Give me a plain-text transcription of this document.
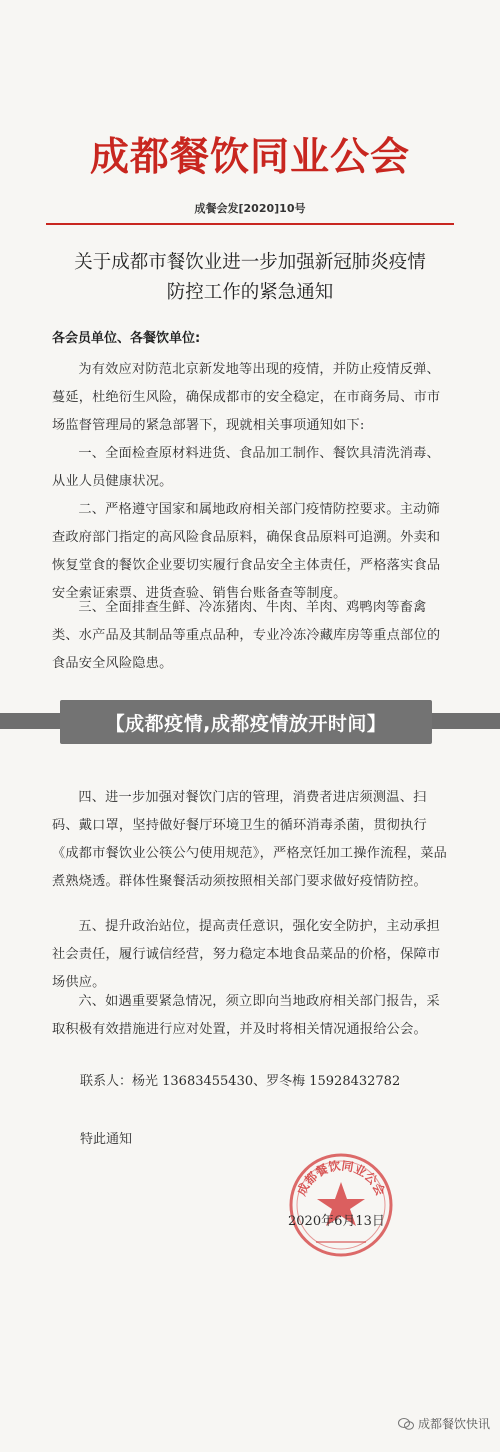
成都餐饮同业公会
成餐会发[2020]10号
关于成都市餐饮业进一步加强新冠肺炎疫情
防控工作的紧急通知
各会员单位、各餐饮单位:
为有效应对防范北京新发地等出现的疫情，并防止疫情反弹、蔓延，杜绝衍生风险，确保成都市的安全稳定，在市商务局、市市场监督管理局的紧急部署下，现就相关事项通知如下:
一、全面检查原材料进货、食品加工制作、餐饮具清洗消毒、从业人员健康状况。
二、严格遵守国家和属地政府相关部门疫情防控要求。主动筛查政府部门指定的高风险食品原料，确保食品原料可追溯。外卖和恢复堂食的餐饮企业要切实履行食品安全主体责任，严格落实食品安全索证索票、进货查验、销售台账备查等制度。
三、全面排查生鲜、冷冻猪肉、牛肉、羊肉、鸡鸭肉等畜禽类、水产品及其制品等重点品种，专业冷冻冷藏库房等重点部位的食品安全风险隐患。
【成都疫情,成都疫情放开时间】
四、进一步加强对餐饮门店的管理，消费者进店须测温、扫码、戴口罩，坚持做好餐厅环境卫生的循环消毒杀菌，贯彻执行《成都市餐饮业公筷公勺使用规范》，严格烹饪加工操作流程，菜品煮熟烧透。群体性聚餐活动须按照相关部门要求做好疫情防控。
五、提升政治站位，提高责任意识，强化安全防护，主动承担社会责任，履行诚信经营，努力稳定本地食品菜品的价格，保障市场供应。
六、如遇重要紧急情况，须立即向当地政府相关部门报告，采取积极有效措施进行应对处置，并及时将相关情况通报给公会。
联系人：杨光 13683455430、罗冬梅 15928432782
特此通知
成都餐饮同业公会
2020年6月13日
成都餐饮快讯
